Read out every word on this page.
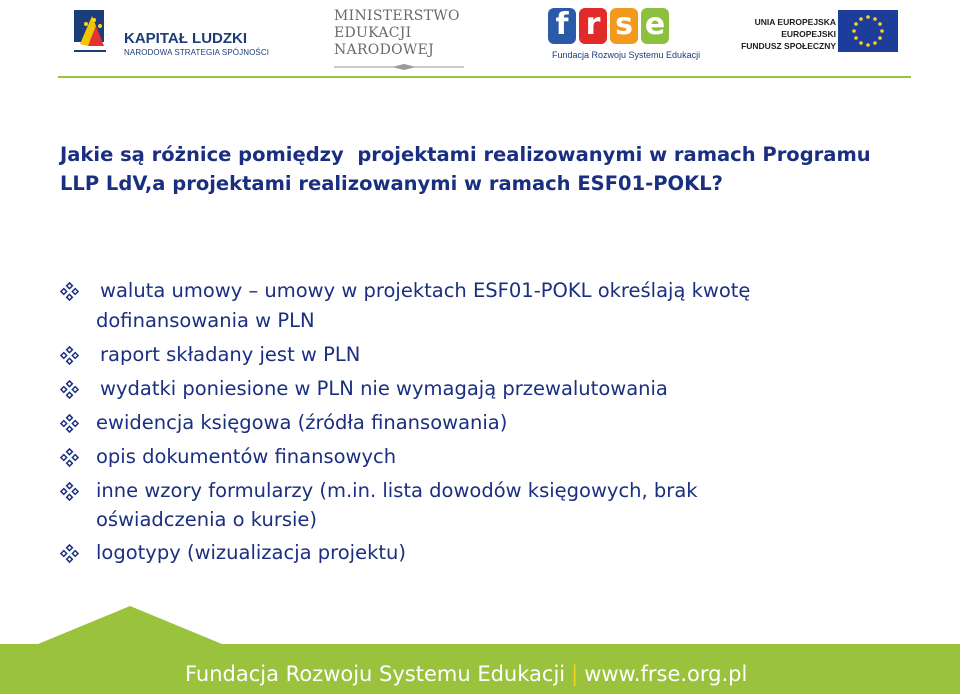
KAPITAŁ LUDZKI
NARODOWA STRATEGIA SPÓJNOŚCI
MINISTERSTWO
EDUKACJI
NARODOWEJ
f r s e
Fundacja Rozwoju Systemu Edukacji
UNIA EUROPEJSKA
EUROPEJSKI
FUNDUSZ SPOŁECZNY
Jakie są różnice pomiędzy  projektami realizowanymi w ramach Programu
LLP LdV,a projektami realizowanymi w ramach ESF01-POKL?
waluta umowy – umowy w projektach ESF01-POKL określają kwotę
dofinansowania w PLN
raport składany jest w PLN
wydatki poniesione w PLN nie wymagają przewalutowania
ewidencja księgowa (źródła finansowania)
opis dokumentów finansowych
inne wzory formularzy (m.in. lista dowodów księgowych, brak
oświadczenia o kursie)
logotypy (wizualizacja projektu)
Fundacja Rozwoju Systemu Edukacji | www.frse.org.pl
